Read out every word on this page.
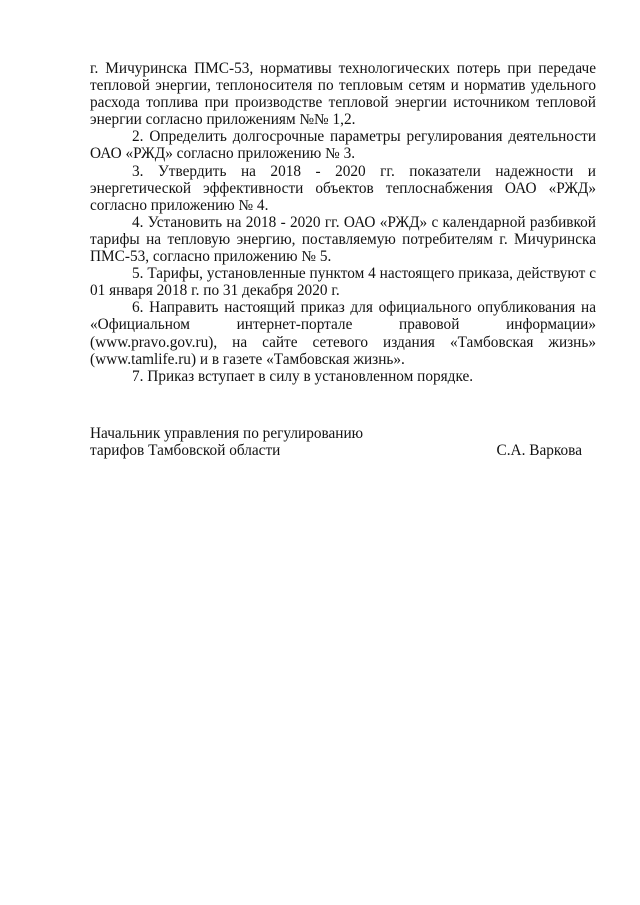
г. Мичуринска ПМС-53, нормативы технологических потерь при передаче тепловой энергии, теплоносителя по тепловым сетям и норматив удельного расхода топлива при производстве тепловой энергии источником тепловой энергии согласно приложениям №№ 1,2.

2. Определить долгосрочные параметры регулирования деятельности ОАО «РЖД» согласно приложению № 3.

3. Утвердить на 2018 - 2020 гг. показатели надежности и энергетической эффективности объектов теплоснабжения ОАО «РЖД» согласно приложению № 4.

4. Установить на 2018 - 2020 гг. ОАО «РЖД» с календарной разбивкой тарифы на тепловую энергию, поставляемую потребителям г. Мичуринска ПМС-53, согласно приложению № 5.

5. Тарифы, установленные пунктом 4 настоящего приказа, действуют с 01 января 2018 г. по 31 декабря 2020 г.

6. Направить настоящий приказ для официального опубликования на «Официальном интернет-портале правовой информации» (www.pravo.gov.ru), на сайте сетевого издания «Тамбовская жизнь» (www.tamlife.ru) и в газете «Тамбовская жизнь».

7. Приказ вступает в силу в установленном порядке.

Начальник управления по регулированию
тарифов Тамбовской области	С.А. Варкова
